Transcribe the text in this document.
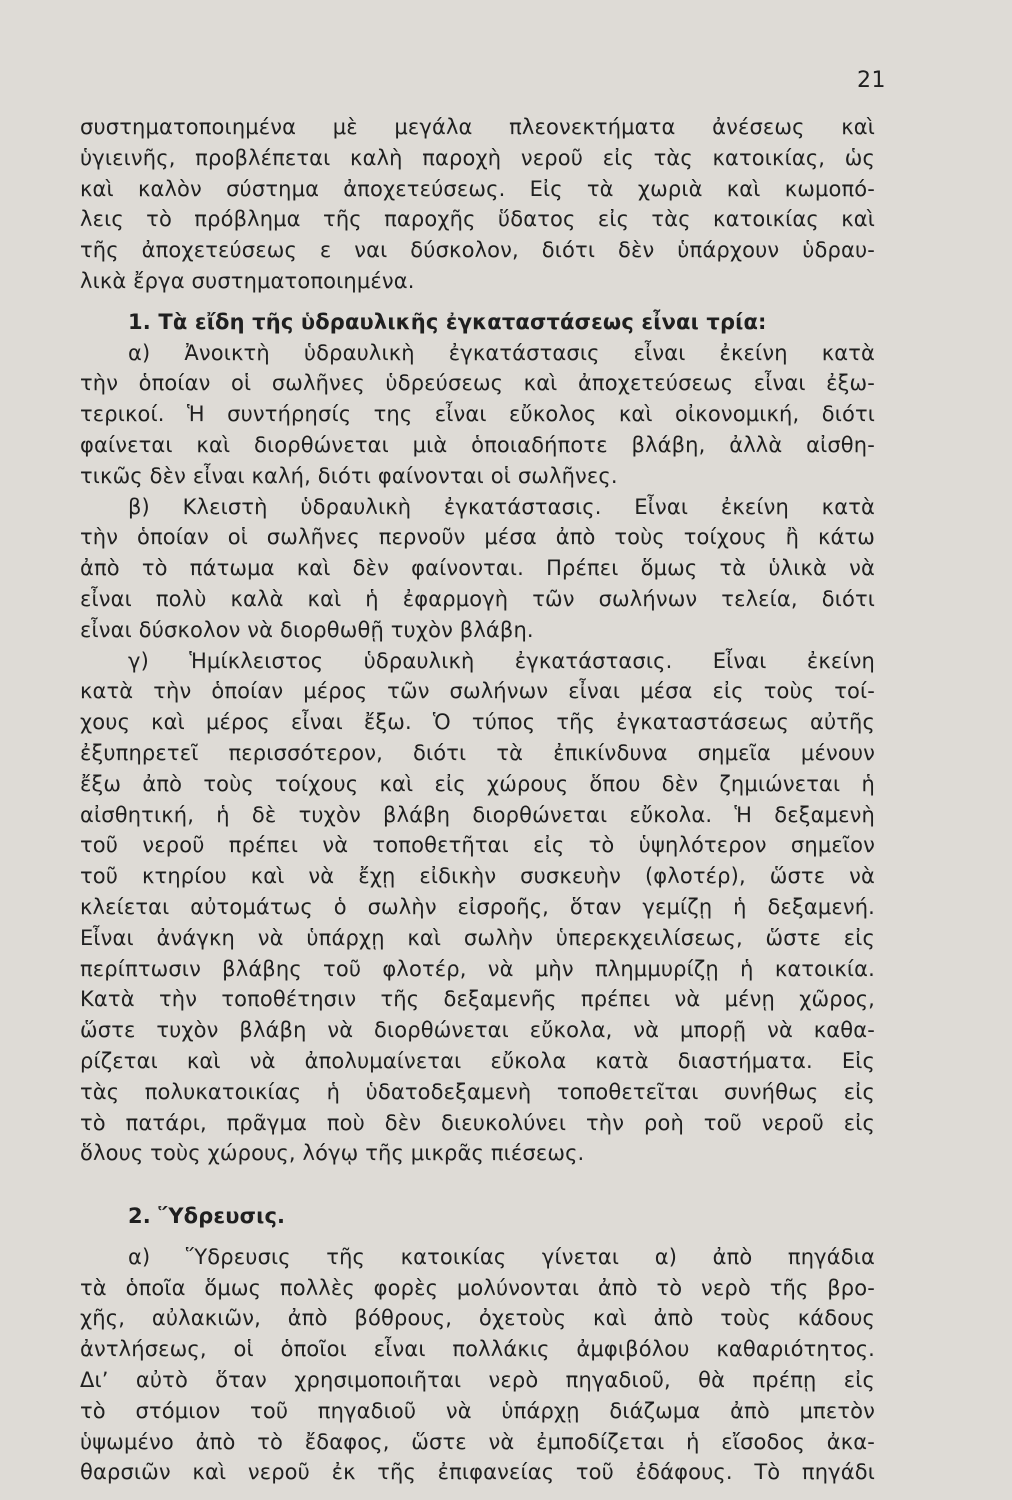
21
συστηματοποιημένα μὲ μεγάλα πλεονεκτήματα ἀνέσεως καὶ
ὑγιεινῆς, προβλέπεται καλὴ παροχὴ νεροῦ εἰς τὰς κατοικίας, ὡς
καὶ καλὸν σύστημα ἀποχετεύσεως. Εἰς τὰ χωριὰ καὶ κωμοπό-
λεις τὸ πρόβλημα τῆς παροχῆς ὕδατος εἰς τὰς κατοικίας καὶ
τῆς ἀποχετεύσεως ε ναι δύσκολον, διότι δὲν ὑπάρχουν ὑδραυ-
λικὰ ἔργα συστηματοποιημένα.
1. Τὰ εἴδη τῆς ὑδραυλικῆς ἐγκαταστάσεως εἶναι τρία:
α) Ἀνοικτὴ ὑδραυλικὴ ἐγκατάστασις εἶναι ἐκείνη κατὰ
τὴν ὁποίαν οἱ σωλῆνες ὑδρεύσεως καὶ ἀποχετεύσεως εἶναι ἐξω-
τερικοί. Ἡ συντήρησίς της εἶναι εὔκολος καὶ οἰκονομική, διότι
φαίνεται καὶ διορθώνεται μιὰ ὁποιαδήποτε βλάβη, ἀλλὰ αἰσθη-
τικῶς δὲν εἶναι καλή, διότι φαίνονται οἱ σωλῆνες.
β) Κλειστὴ ὑδραυλικὴ ἐγκατάστασις. Εἶναι ἐκείνη κατὰ
τὴν ὁποίαν οἱ σωλῆνες περνοῦν μέσα ἀπὸ τοὺς τοίχους ἢ κάτω
ἀπὸ τὸ πάτωμα καὶ δὲν φαίνονται. Πρέπει ὅμως τὰ ὑλικὰ νὰ
εἶναι πολὺ καλὰ καὶ ἡ ἐφαρμογὴ τῶν σωλήνων τελεία, διότι
εἶναι δύσκολον νὰ διορθωθῇ τυχὸν βλάβη.
γ) Ἡμίκλειστος ὑδραυλικὴ ἐγκατάστασις. Εἶναι ἐκείνη
κατὰ τὴν ὁποίαν μέρος τῶν σωλήνων εἶναι μέσα εἰς τοὺς τοί-
χους καὶ μέρος εἶναι ἔξω. Ὁ τύπος τῆς ἐγκαταστάσεως αὐτῆς
ἐξυπηρετεῖ περισσότερον, διότι τὰ ἐπικίνδυνα σημεῖα μένουν
ἔξω ἀπὸ τοὺς τοίχους καὶ εἰς χώρους ὅπου δὲν ζημιώνεται ἡ
αἰσθητική, ἡ δὲ τυχὸν βλάβη διορθώνεται εὔκολα. Ἡ δεξαμενὴ
τοῦ νεροῦ πρέπει νὰ τοποθετῆται εἰς τὸ ὑψηλότερον σημεῖον
τοῦ κτηρίου καὶ νὰ ἔχῃ εἰδικὴν συσκευὴν (φλοτέρ), ὥστε νὰ
κλείεται αὐτομάτως ὁ σωλὴν εἰσροῆς, ὅταν γεμίζῃ ἡ δεξαμενή.
Εἶναι ἀνάγκη νὰ ὑπάρχῃ καὶ σωλὴν ὑπερεκχειλίσεως, ὥστε εἰς
περίπτωσιν βλάβης τοῦ φλοτέρ, νὰ μὴν πλημμυρίζῃ ἡ κατοικία.
Κατὰ τὴν τοποθέτησιν τῆς δεξαμενῆς πρέπει νὰ μένῃ χῶρος,
ὥστε τυχὸν βλάβη νὰ διορθώνεται εὔκολα, νὰ μπορῇ νὰ καθα-
ρίζεται καὶ νὰ ἀπολυμαίνεται εὔκολα κατὰ διαστήματα. Εἰς
τὰς πολυκατοικίας ἡ ὑδατοδεξαμενὴ τοποθετεῖται συνήθως εἰς
τὸ πατάρι, πρᾶγμα ποὺ δὲν διευκολύνει τὴν ροὴ τοῦ νεροῦ εἰς
ὅλους τοὺς χώρους, λόγῳ τῆς μικρᾶς πιέσεως.
2. Ὕδρευσις.
α) Ὕδρευσις τῆς κατοικίας γίνεται α) ἀπὸ πηγάδια
τὰ ὁποῖα ὅμως πολλὲς φορὲς μολύνονται ἀπὸ τὸ νερὸ τῆς βρο-
χῆς, αὐλακιῶν, ἀπὸ βόθρους, ὀχετοὺς καὶ ἀπὸ τοὺς κάδους
ἀντλήσεως, οἱ ὁποῖοι εἶναι πολλάκις ἀμφιβόλου καθαριότητος.
Διʼ αὐτὸ ὅταν χρησιμοποιῆται νερὸ πηγαδιοῦ, θὰ πρέπῃ εἰς
τὸ στόμιον τοῦ πηγαδιοῦ νὰ ὑπάρχῃ διάζωμα ἀπὸ μπετὸν
ὑψωμένο ἀπὸ τὸ ἔδαφος, ὥστε νὰ ἐμποδίζεται ἡ εἴσοδος ἀκα-
θαρσιῶν καὶ νεροῦ ἐκ τῆς ἐπιφανείας τοῦ ἐδάφους. Τὸ πηγάδι
